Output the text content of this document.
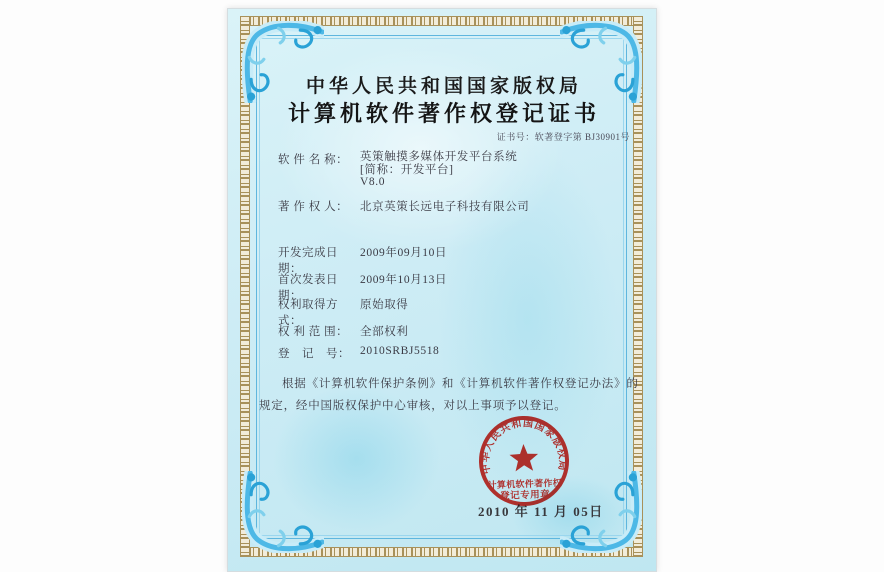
中华人民共和国国家版权局
计算机软件著作权登记证书
证书号：软著登字第 BJ30901号
软 件 名 称：	英策触摸多媒体开发平台系统
[简称：开发平台]
V8.0
著 作 权 人：	北京英策长远电子科技有限公司
开发完成日期：
2009年09月10日
首次发表日期：
2009年10月13日
权利取得方式：
原始取得
权 利 范 围：	全部权利
登　记　号： 2010SRBJ5518
根据《计算机软件保护条例》和《计算机软件著作权登记办法》的
规定，经中国版权保护中心审核，对以上事项予以登记。
2010 年 11 月 05日
中华人民共和国国家版权局
计算机软件著作权
登记专用章
